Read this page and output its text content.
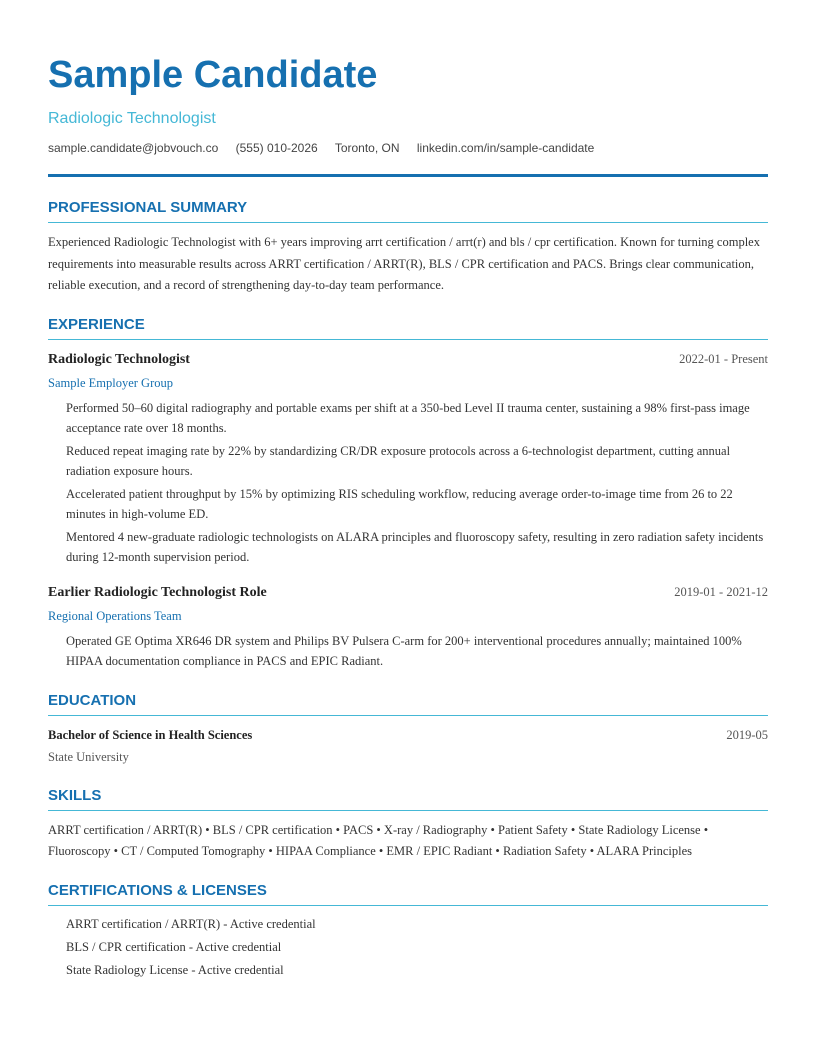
Sample Candidate
Radiologic Technologist
sample.candidate@jobvouch.co (555) 010-2026 Toronto, ON linkedin.com/in/sample-candidate
PROFESSIONAL SUMMARY
Experienced Radiologic Technologist with 6+ years improving arrt certification / arrt(r) and bls / cpr certification. Known for turning complex requirements into measurable results across ARRT certification / ARRT(R), BLS / CPR certification and PACS. Brings clear communication, reliable execution, and a record of strengthening day-to-day team performance.
EXPERIENCE
Radiologic Technologist	2022-01 - Present
Sample Employer Group
Performed 50–60 digital radiography and portable exams per shift at a 350-bed Level II trauma center, sustaining a 98% first-pass image acceptance rate over 18 months.
Reduced repeat imaging rate by 22% by standardizing CR/DR exposure protocols across a 6-technologist department, cutting annual radiation exposure hours.
Accelerated patient throughput by 15% by optimizing RIS scheduling workflow, reducing average order-to-image time from 26 to 22 minutes in high-volume ED.
Mentored 4 new-graduate radiologic technologists on ALARA principles and fluoroscopy safety, resulting in zero radiation safety incidents during 12-month supervision period.
Earlier Radiologic Technologist Role	2019-01 - 2021-12
Regional Operations Team
Operated GE Optima XR646 DR system and Philips BV Pulsera C-arm for 200+ interventional procedures annually; maintained 100% HIPAA documentation compliance in PACS and EPIC Radiant.
EDUCATION
Bachelor of Science in Health Sciences	2019-05
State University
SKILLS
ARRT certification / ARRT(R) • BLS / CPR certification • PACS • X-ray / Radiography • Patient Safety • State Radiology License • Fluoroscopy • CT / Computed Tomography • HIPAA Compliance • EMR / EPIC Radiant • Radiation Safety • ALARA Principles
CERTIFICATIONS & LICENSES
ARRT certification / ARRT(R) - Active credential
BLS / CPR certification - Active credential
State Radiology License - Active credential
